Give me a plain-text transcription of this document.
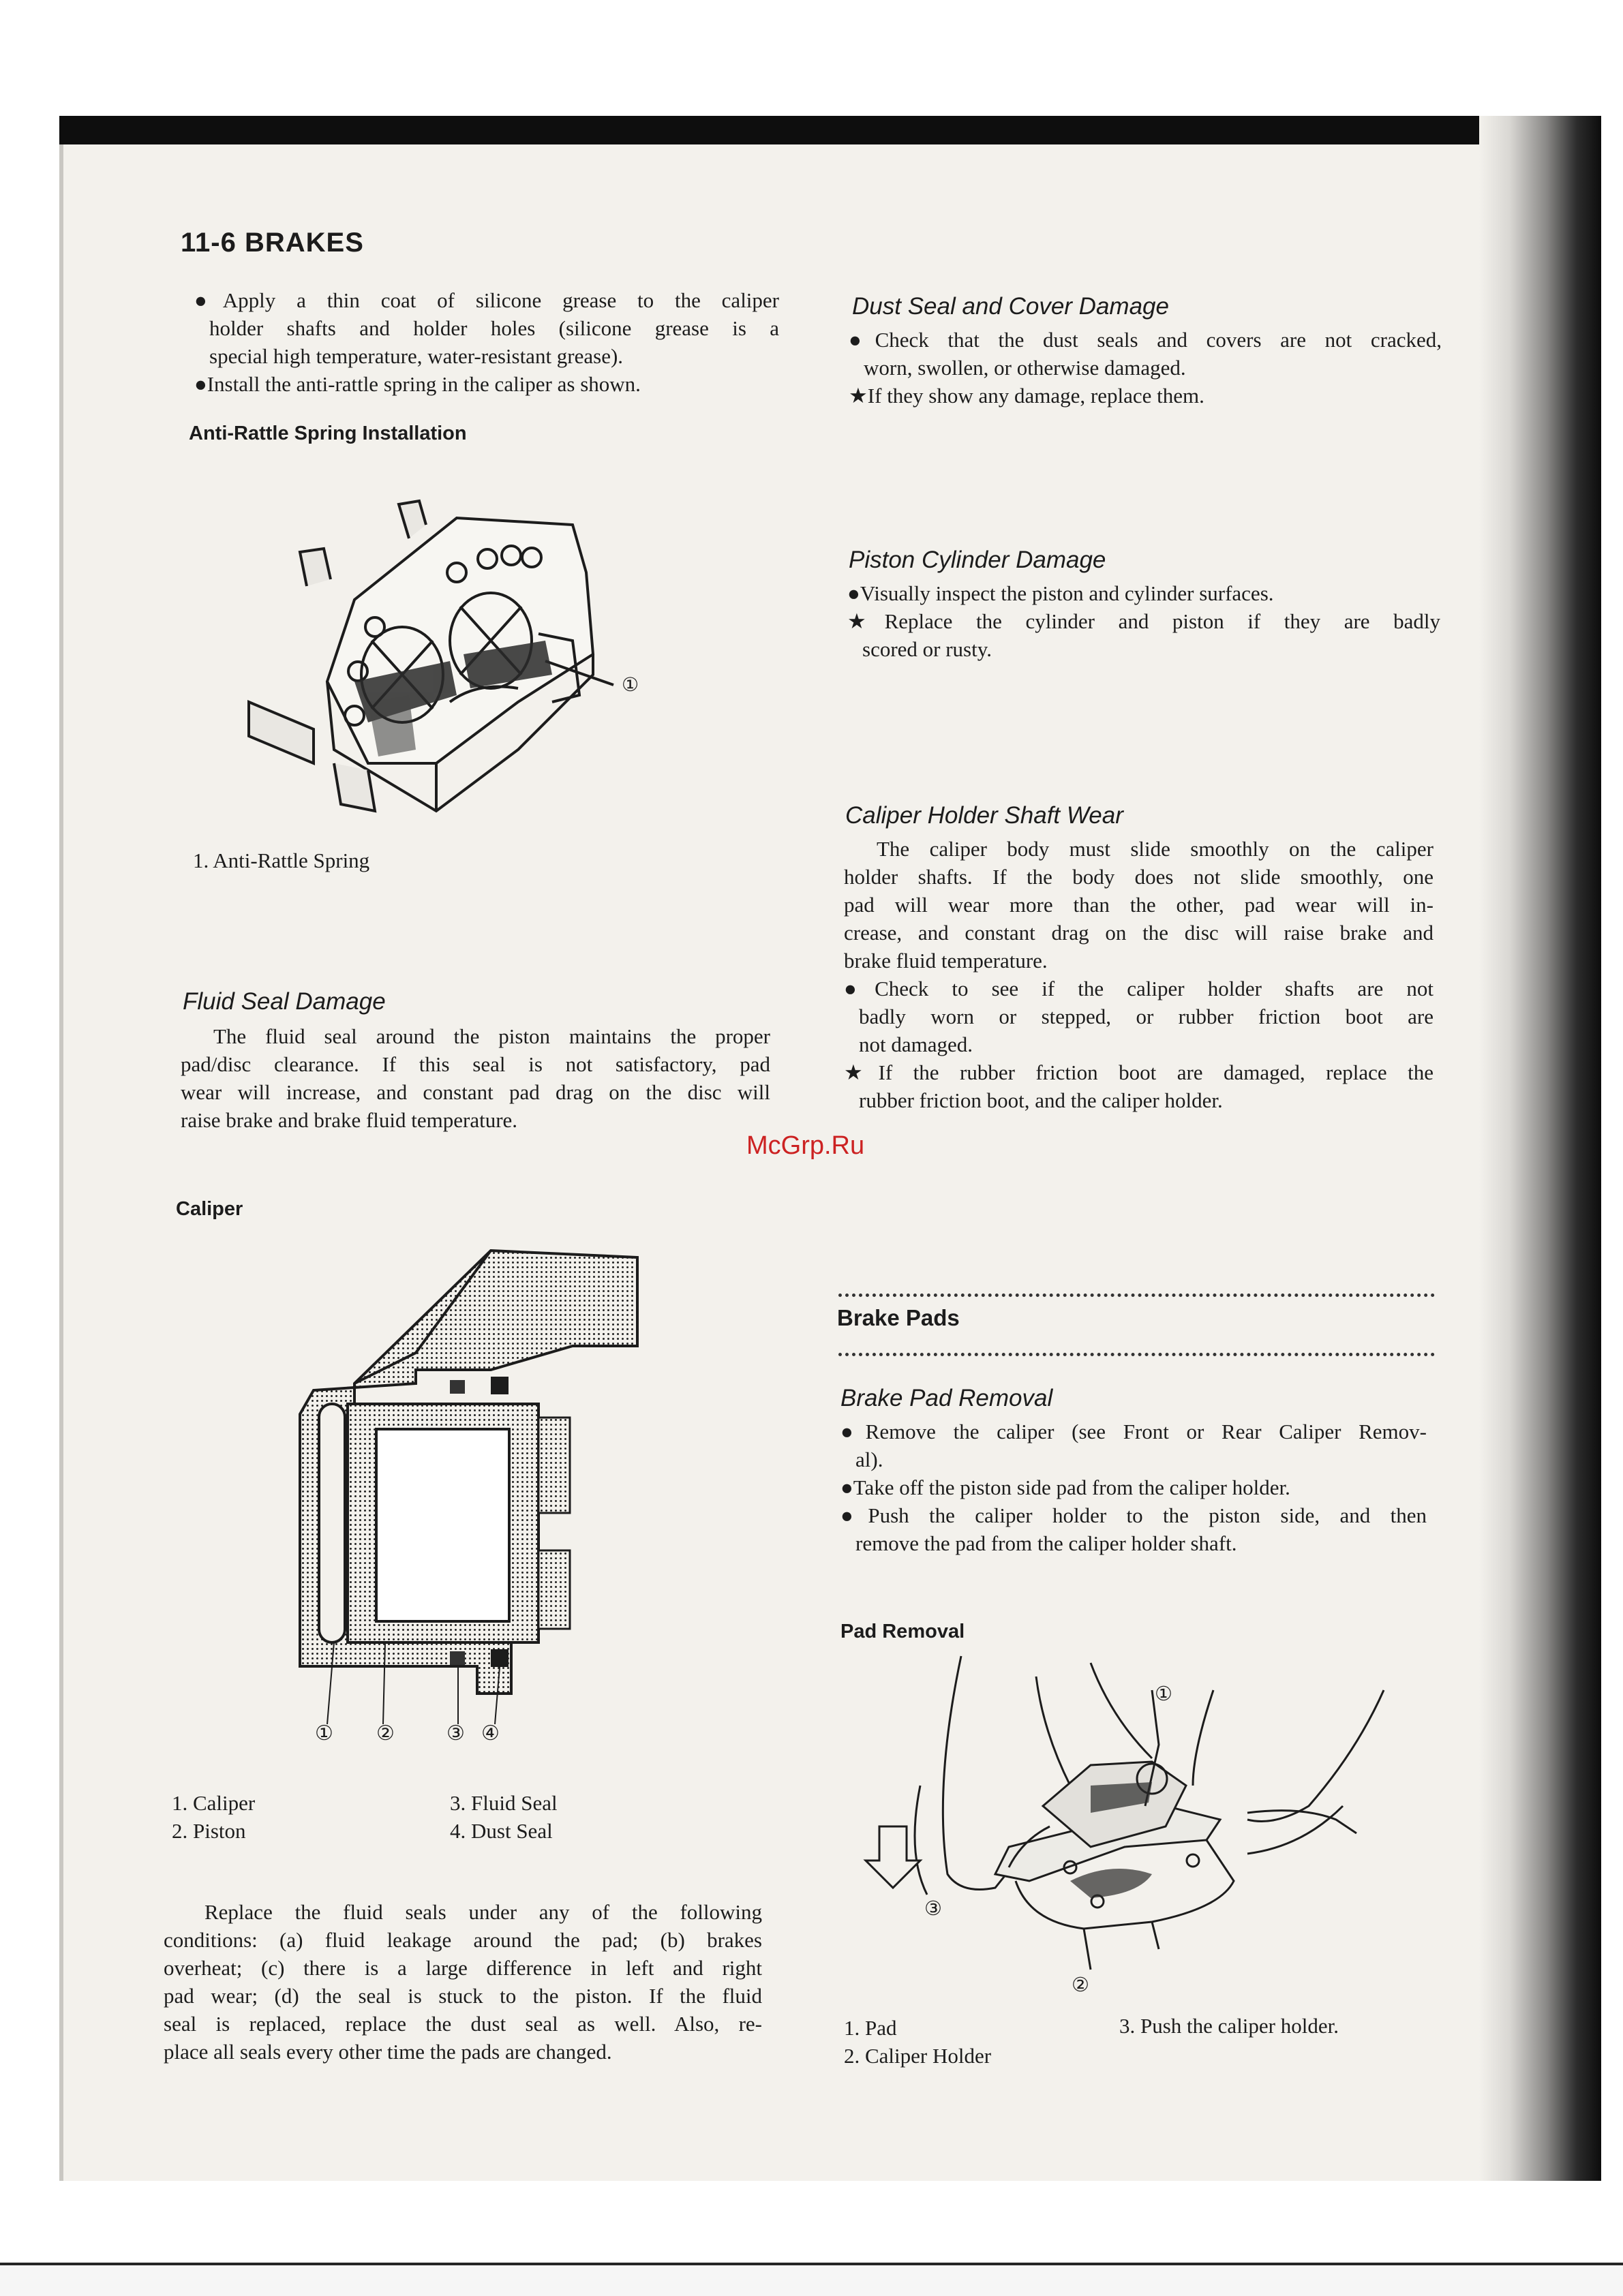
11-6 BRAKES
●Apply a thin coat of silicone grease to the caliper
holder shafts and holder holes (silicone grease is a
special high temperature, water-resistant grease).
●Install the anti-rattle spring in the caliper as shown.
Anti-Rattle Spring Installation
①
1. Anti-Rattle Spring
Fluid Seal Damage
The fluid seal around the piston maintains the proper
pad/disc clearance. If this seal is not satisfactory, pad
wear will increase, and constant pad drag on the disc will
raise brake and brake fluid temperature.
Caliper
① ②	③ ④
1. Caliper
2. Piston
3. Fluid Seal
4. Dust Seal
Replace the fluid seals under any of the following
conditions: (a) fluid leakage around the pad; (b) brakes
overheat; (c) there is a large difference in left and right
pad wear; (d) the seal is stuck to the piston. If the fluid
seal is replaced, replace the dust seal as well. Also, re-
place all seals every other time the pads are changed.
Dust Seal and Cover Damage
●Check that the dust seals and covers are not cracked,
worn, swollen, or otherwise damaged.
★If they show any damage, replace them.
Piston Cylinder Damage
●Visually inspect the piston and cylinder surfaces.
★Replace the cylinder and piston if they are badly
scored or rusty.
Caliper Holder Shaft Wear
The caliper body must slide smoothly on the caliper
holder shafts. If the body does not slide smoothly, one
pad will wear more than the other, pad wear will in-
crease, and constant drag on the disc will raise brake and
brake fluid temperature.
●Check to see if the caliper holder shafts are not
badly worn or stepped, or rubber friction boot are
not damaged.
★If the rubber friction boot are damaged, replace the
rubber friction boot, and the caliper holder.
McGrp.Ru
Brake Pads
Brake Pad Removal
●Remove the caliper (see Front or Rear Caliper Remov-
al).
●Take off the piston side pad from the caliper holder.
●Push the caliper holder to the piston side, and then
remove the pad from the caliper holder shaft.
Pad Removal
①
②
③
1. Pad
2. Caliper Holder
3. Push the caliper holder.
